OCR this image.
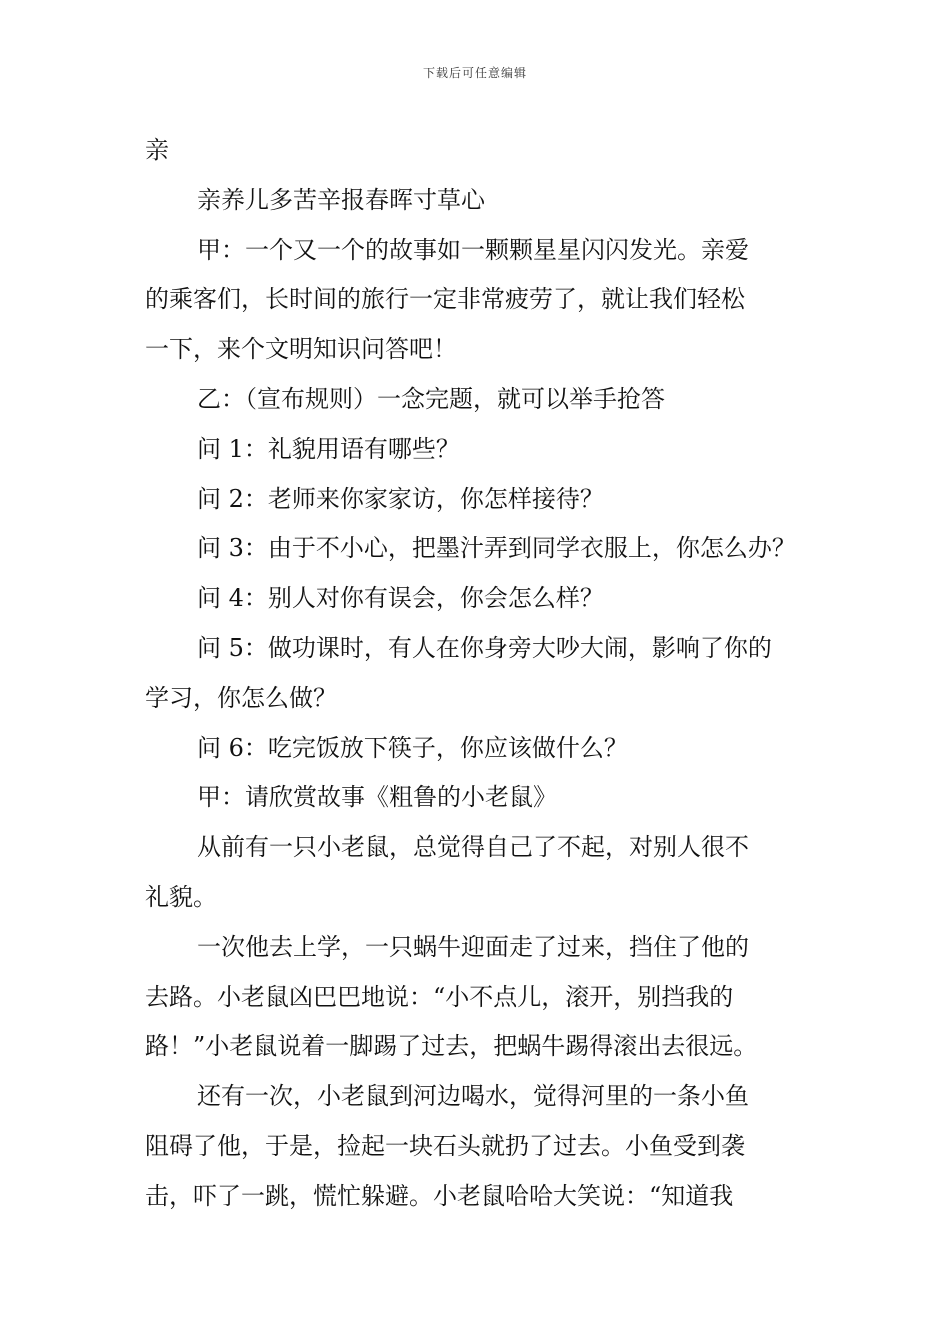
下载后可任意编辑
亲
亲养儿多苦辛报春晖寸草心
甲：一个又一个的故事如一颗颗星星闪闪发光。亲爱
的乘客们，长时间的旅行一定非常疲劳了，就让我们轻松
一下，来个文明知识问答吧！
乙：（宣布规则）一念完题，就可以举手抢答
问 1：礼貌用语有哪些？
问 2：老师来你家家访，你怎样接待？
问 3：由于不小心，把墨汁弄到同学衣服上，你怎么办？
问 4：别人对你有误会，你会怎么样？
问 5：做功课时，有人在你身旁大吵大闹，影响了你的
学习，你怎么做？
问 6：吃完饭放下筷子，你应该做什么？
甲：请欣赏故事《粗鲁的小老鼠》
从前有一只小老鼠，总觉得自己了不起，对别人很不
礼貌。
一次他去上学，一只蜗牛迎面走了过来，挡住了他的
去路。小老鼠凶巴巴地说：“小不点儿，滚开，别挡我的
路！”小老鼠说着一脚踢了过去，把蜗牛踢得滚出去很远。
还有一次，小老鼠到河边喝水，觉得河里的一条小鱼
阻碍了他，于是，捡起一块石头就扔了过去。小鱼受到袭
击，吓了一跳，慌忙躲避。小老鼠哈哈大笑说：“知道我
